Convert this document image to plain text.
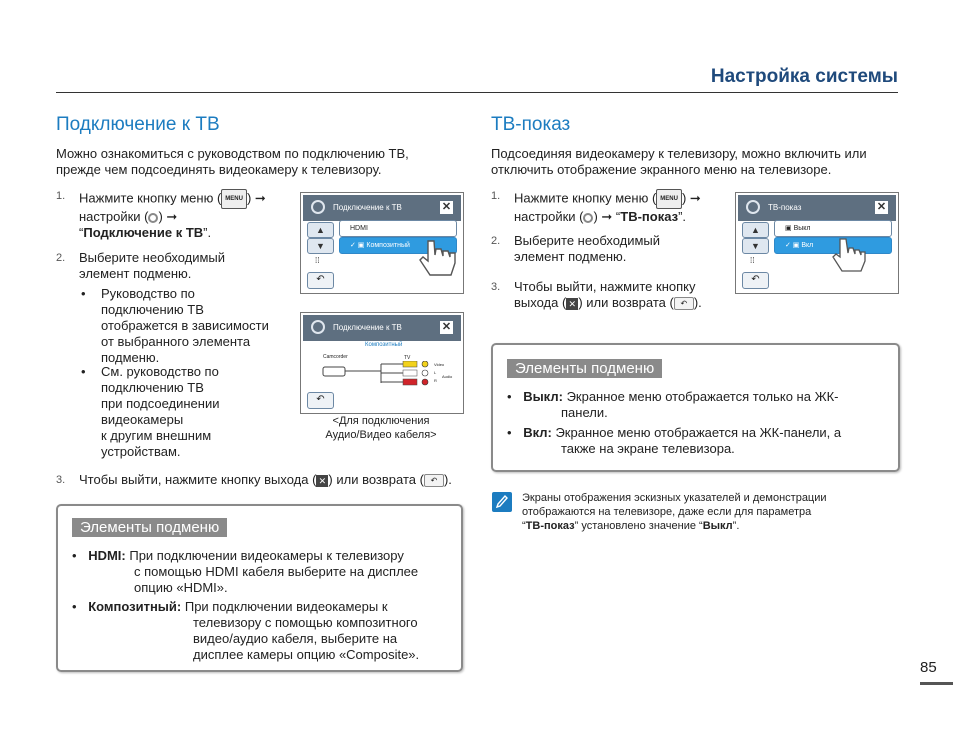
Настройка системы
Подключение к ТВ
Можно ознакомиться с руководством по подключению ТВ,
прежде чем подсоединять видеокамеру к телевизору.
1. Нажмите кнопку меню ( MENU ) ➞
настройки ( ) ➞
“Подключение к ТВ”.
2. Выберите необходимый
элемент подменю.
• Руководство по
подключению ТВ
отображется в зависимости
от выбранного элемента
подменю.
• См. руководство по
подключению ТВ
при подсоединении
видеокамеры
к другим внешним
устройствам.
Подключение к ТВ	✕
▲
▼
HDMI
✓ ▣ Композитный
⁞⁞
↶
Подключение к ТВ	✕
Композитный
Camcorder	TV
Video
L
Audio
R
↶
<Для подключения
Аудио/Видео кабеля>
3. Чтобы выйти, нажмите кнопку выхода ( ✕ ) или возврата ( ↶ ).
Элементы подменю
• HDMI: При подключении видеокамеры к телевизору
с помощью HDMI кабеля выберите на дисплее
опцию «HDMI».
• Композитный: При подключении видеокамеры к
телевизору с помощью композитного
видео/аудио кабеля, выберите на
дисплее камеры опцию «Composite».
ТВ-показ
Подсоединяя видеокамеру к телевизору, можно включить или
отключить отображение экранного меню на телевизоре.
1. Нажмите кнопку меню ( MENU ) ➞
настройки ( ) ➞ “ТВ-показ”.
2. Выберите необходимый
элемент подменю.
3. Чтобы выйти, нажмите кнопку
выхода ( ✕ ) или возврата ( ↶ ).
ТВ-показ	✕
▲
▼
▣ Выкл
✓ ▣ Вкл
⁞⁞
↶
Элементы подменю
• Выкл: Экранное меню отображается только на ЖК-
панели.
• Вкл: Экранное меню отображается на ЖК-панели, а
также на экране телевизора.
Экраны отображения эскизных указателей и демонстрации
отображаются на телевизоре, даже если для параметра
“ТВ-показ” установлено значение “Выкл”.
85
